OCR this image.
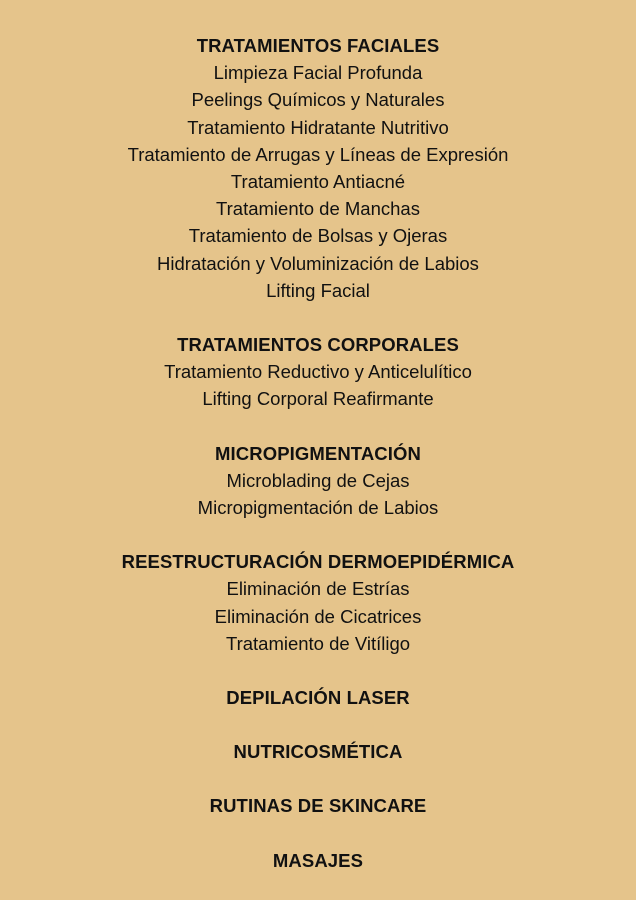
TRATAMIENTOS FACIALES
Limpieza Facial Profunda
Peelings Químicos y Naturales
Tratamiento Hidratante Nutritivo
Tratamiento de Arrugas y Líneas de Expresión
Tratamiento Antiacné
Tratamiento de Manchas
Tratamiento de Bolsas y Ojeras
Hidratación y Voluminización de Labios
Lifting Facial
TRATAMIENTOS CORPORALES
Tratamiento Reductivo y Anticelulítico
Lifting Corporal Reafirmante
MICROPIGMENTACIÓN
Microblading de Cejas
Micropigmentación de Labios
REESTRUCTURACIÓN DERMOEPIDÉRMICA
Eliminación de Estrías
Eliminación de Cicatrices
Tratamiento de Vitíligo
DEPILACIÓN LASER
NUTRICOSMÉTICA
RUTINAS DE SKINCARE
MASAJES
